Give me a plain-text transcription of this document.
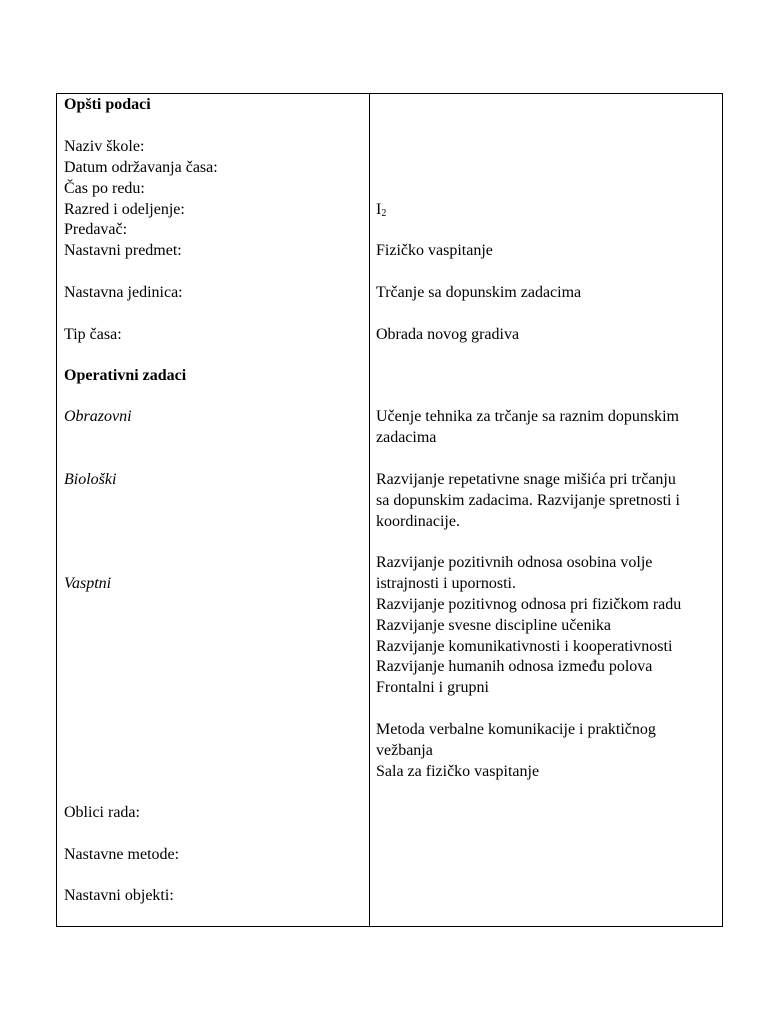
Opšti podaci
Naziv škole:
Datum održavanja časa:
Čas po redu:
Razred i odeljenje:
Predavač:
Nastavni predmet:
Nastavna jedinica:
Tip časa:
Operativni zadaci
Obrazovni
Biološki
Vasptni
Oblici rada:
Nastavne metode:
Nastavni objekti:
$I_2$
Fizičko vaspitanje
Trčanje sa dopunskim zadacima
Obrada novog gradiva
Učenje tehnika za trčanje sa raznim dopunskim
zadacima
Razvijanje repetativne snage mišića pri trčanju
sa dopunskim zadacima. Razvijanje spretnosti i
koordinacije.
Razvijanje pozitivnih odnosa osobina volje
istrajnosti i upornosti.
Razvijanje pozitivnog odnosa pri fizičkom radu
Razvijanje svesne discipline učenika
Razvijanje komunikativnosti i kooperativnosti
Razvijanje humanih odnosa između polova
Frontalni i grupni
Metoda verbalne komunikacije i praktičnog
vežbanja
Sala za fizičko vaspitanje
